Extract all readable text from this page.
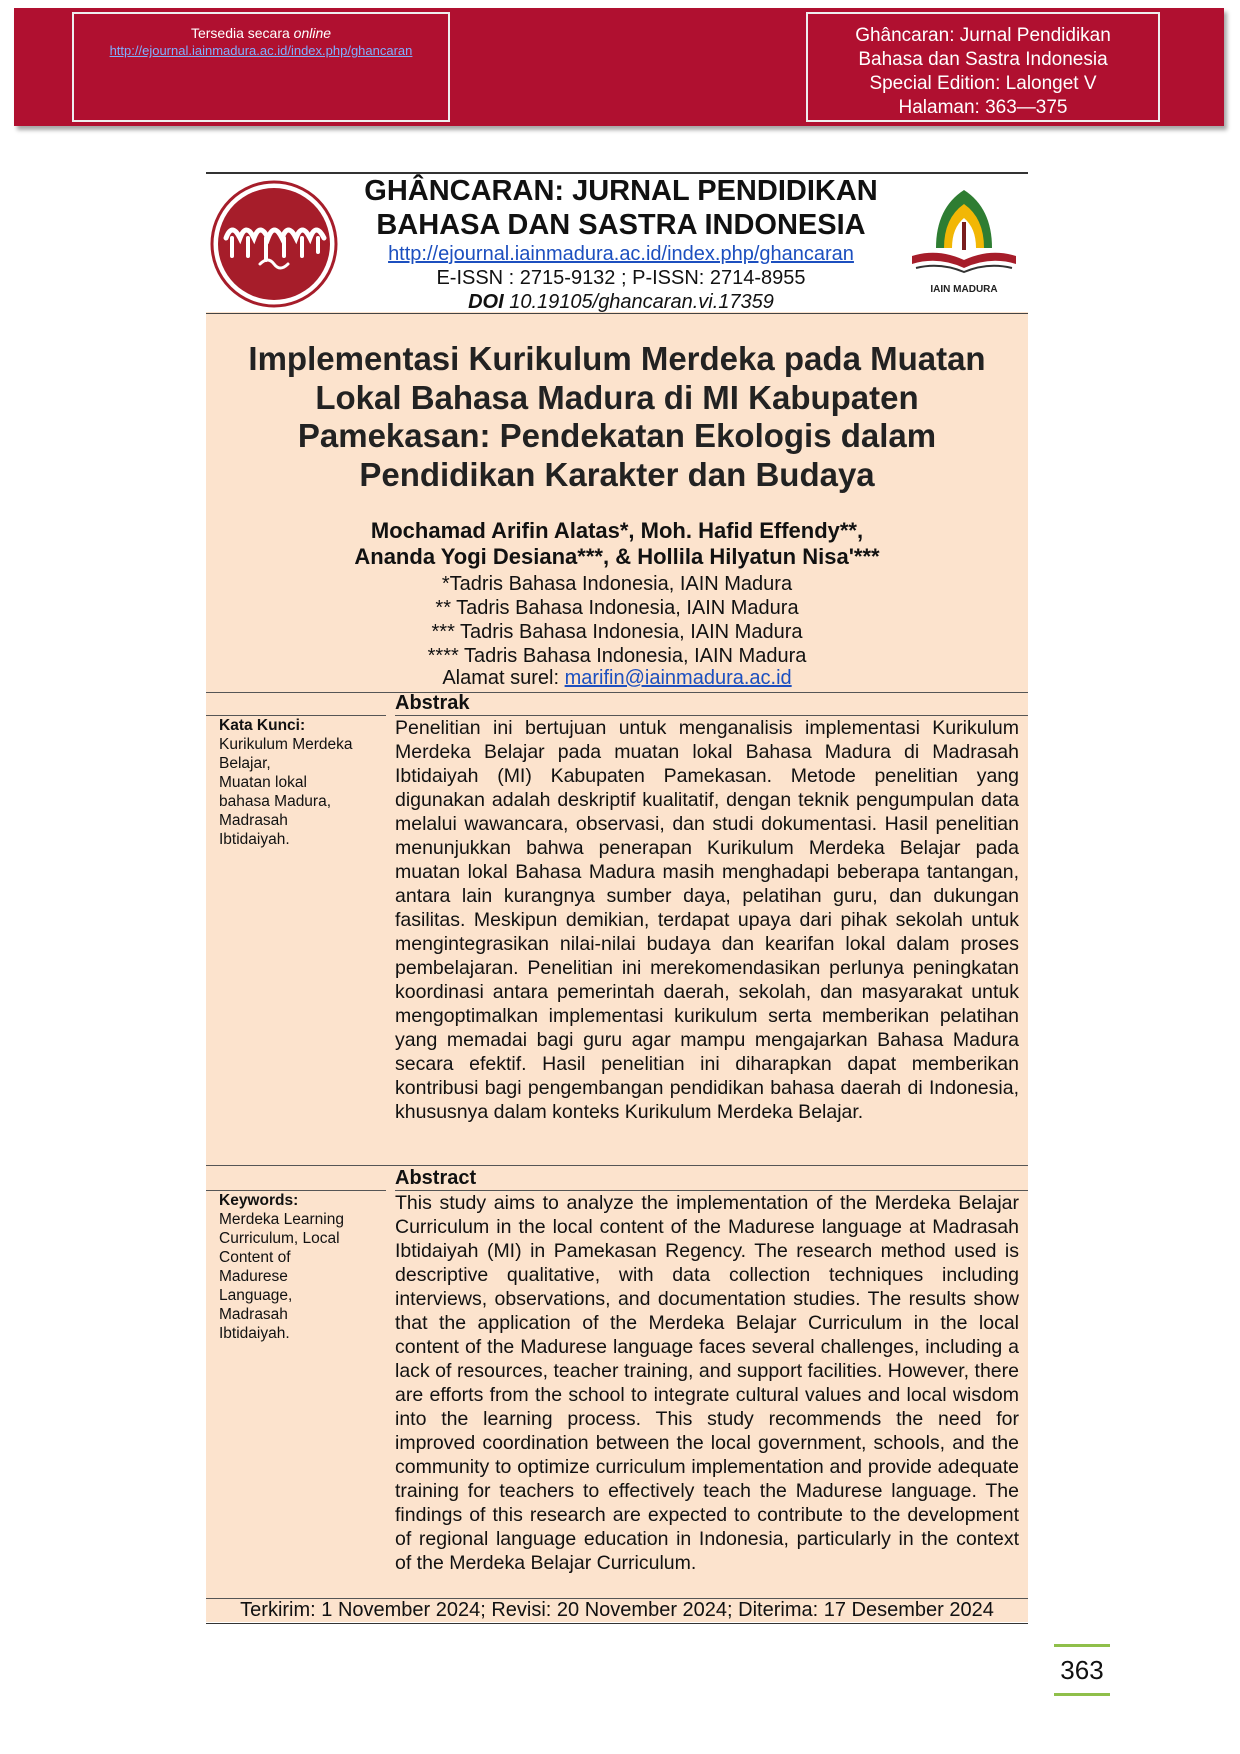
Tersedia secara online
http://ejournal.iainmadura.ac.id/index.php/ghancaran
Ghâncaran: Jurnal Pendidikan
Bahasa dan Sastra Indonesia
Special Edition: Lalonget V
Halaman: 363—375
GHÂNCARAN: JURNAL PENDIDIKAN
BAHASA DAN SASTRA INDONESIA
http://ejournal.iainmadura.ac.id/index.php/ghancaran
E-ISSN : 2715-9132 ; P-ISSN: 2714-8955
DOI 10.19105/ghancaran.vi.17359
IAIN MADURA
Implementasi Kurikulum Merdeka pada Muatan
Lokal Bahasa Madura di MI Kabupaten
Pamekasan: Pendekatan Ekologis dalam
Pendidikan Karakter dan Budaya
Mochamad Arifin Alatas*, Moh. Hafid Effendy**,
Ananda Yogi Desiana***, & Hollila Hilyatun Nisa'***
*Tadris Bahasa Indonesia, IAIN Madura
** Tadris Bahasa Indonesia, IAIN Madura
*** Tadris Bahasa Indonesia, IAIN Madura
**** Tadris Bahasa Indonesia, IAIN Madura
Alamat surel: marifin@iainmadura.ac.id
Abstrak
Kata Kunci:
Kurikulum Merdeka
Belajar,
Muatan lokal
bahasa Madura,
Madrasah
Ibtidaiyah.
Penelitian ini bertujuan untuk menganalisis implementasi Kurikulum Merdeka Belajar pada muatan lokal Bahasa Madura di Madrasah Ibtidaiyah (MI) Kabupaten Pamekasan. Metode penelitian yang digunakan adalah deskriptif kualitatif, dengan teknik pengumpulan data melalui wawancara, observasi, dan studi dokumentasi. Hasil penelitian menunjukkan bahwa penerapan Kurikulum Merdeka Belajar pada muatan lokal Bahasa Madura masih menghadapi beberapa tantangan, antara lain kurangnya sumber daya, pelatihan guru, dan dukungan fasilitas. Meskipun demikian, terdapat upaya dari pihak sekolah untuk mengintegrasikan nilai-nilai budaya dan kearifan lokal dalam proses pembelajaran. Penelitian ini merekomendasikan perlunya peningkatan koordinasi antara pemerintah daerah, sekolah, dan masyarakat untuk mengoptimalkan implementasi kurikulum serta memberikan pelatihan yang memadai bagi guru agar mampu mengajarkan Bahasa Madura secara efektif. Hasil penelitian ini diharapkan dapat memberikan kontribusi bagi pengembangan pendidikan bahasa daerah di Indonesia, khususnya dalam konteks Kurikulum Merdeka Belajar.
Abstract
Keywords:
Merdeka Learning
Curriculum, Local
Content of
Madurese
Language,
Madrasah
Ibtidaiyah.
This study aims to analyze the implementation of the Merdeka Belajar Curriculum in the local content of the Madurese language at Madrasah Ibtidaiyah (MI) in Pamekasan Regency. The research method used is descriptive qualitative, with data collection techniques including interviews, observations, and documentation studies. The results show that the application of the Merdeka Belajar Curriculum in the local content of the Madurese language faces several challenges, including a lack of resources, teacher training, and support facilities. However, there are efforts from the school to integrate cultural values and local wisdom into the learning process. This study recommends the need for improved coordination between the local government, schools, and the community to optimize curriculum implementation and provide adequate training for teachers to effectively teach the Madurese language. The findings of this research are expected to contribute to the development of regional language education in Indonesia, particularly in the context of the Merdeka Belajar Curriculum.
Terkirim: 1 November 2024; Revisi: 20 November 2024; Diterima: 17 Desember 2024
363
